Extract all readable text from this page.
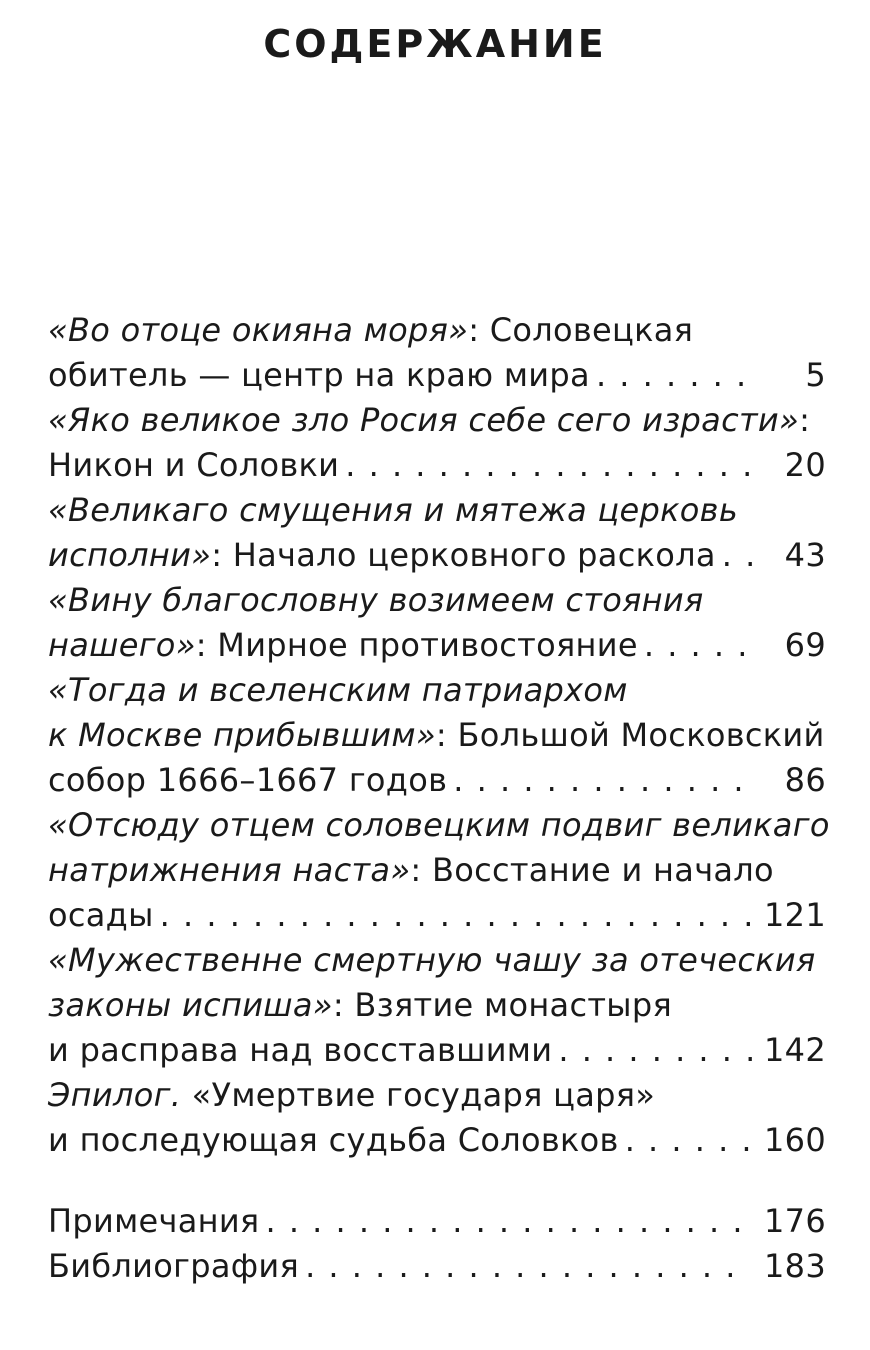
СОДЕРЖАНИЕ
«Во отоце окияна моря»: Соловецкая
обитель — центр на краю мира . . .	5
«Яко великое зло Росия себе сего израсти»:
Никон и Соловки . . .	20
«Великаго смущения и мятежа церковь
исполни»: Начало церковного раскола . . .	43
«Вину благословну возимеем стояния
нашего»: Мирное противостояние . . .	69
«Тогда и вселенским патриархом
к Москве прибывшим»: Большой Московский
собор 1666–1667 годов . . .	86
«Отсюду отцем соловецким подвиг великаго
натрижнения наста»: Восстание и начало
осады . . .	121
«Мужественне смертную чашу за отеческия
законы испиша»: Взятие монастыря
и расправа над восставшими . . .	142
Эпилог. «Умертвие государя царя»
и последующая судьба Соловков . . .	160
Примечания . . .	176
Библиография . . .	183
